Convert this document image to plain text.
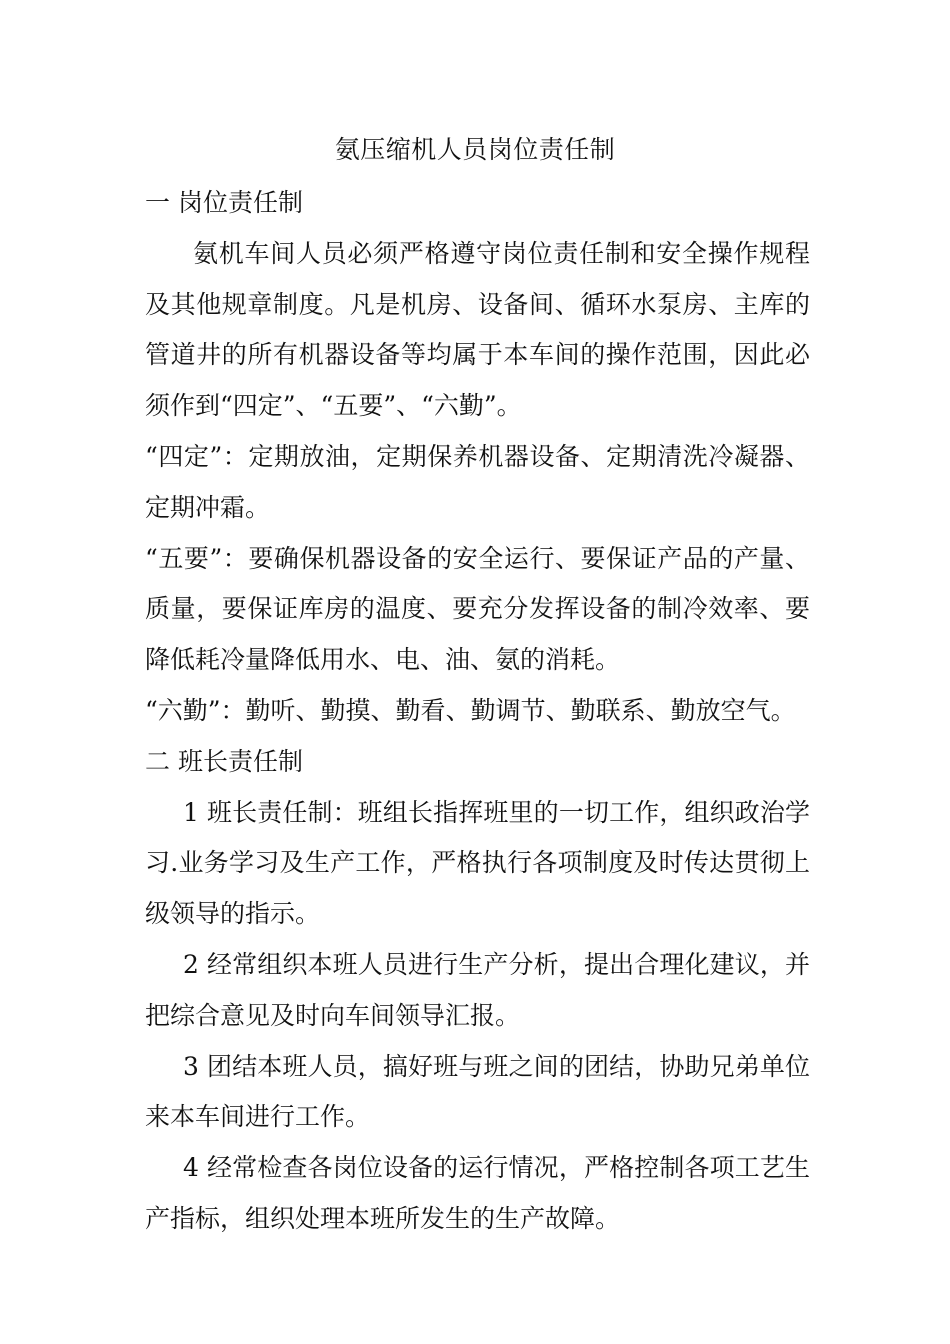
氨压缩机人员岗位责任制

一 岗位责任制

氨机车间人员必须严格遵守岗位责任制和安全操作规程及其他规章制度。凡是机房、设备间、循环水泵房、主库的管道井的所有机器设备等均属于本车间的操作范围，因此必须作到“四定”、“五要”、“六勤”。

“四定”：定期放油，定期保养机器设备、定期清洗冷凝器、定期冲霜。

“五要”：要确保机器设备的安全运行、要保证产品的产量、质量，要保证库房的温度、要充分发挥设备的制冷效率、要降低耗冷量降低用水、电、油、氨的消耗。

“六勤”：勤听、勤摸、勤看、勤调节、勤联系、勤放空气。

二 班长责任制

1 班长责任制：班组长指挥班里的一切工作，组织政治学习.业务学习及生产工作，严格执行各项制度及时传达贯彻上级领导的指示。

2 经常组织本班人员进行生产分析，提出合理化建议，并把综合意见及时向车间领导汇报。

3 团结本班人员，搞好班与班之间的团结，协助兄弟单位来本车间进行工作。

4 经常检查各岗位设备的运行情况，严格控制各项工艺生产指标，组织处理本班所发生的生产故障。
